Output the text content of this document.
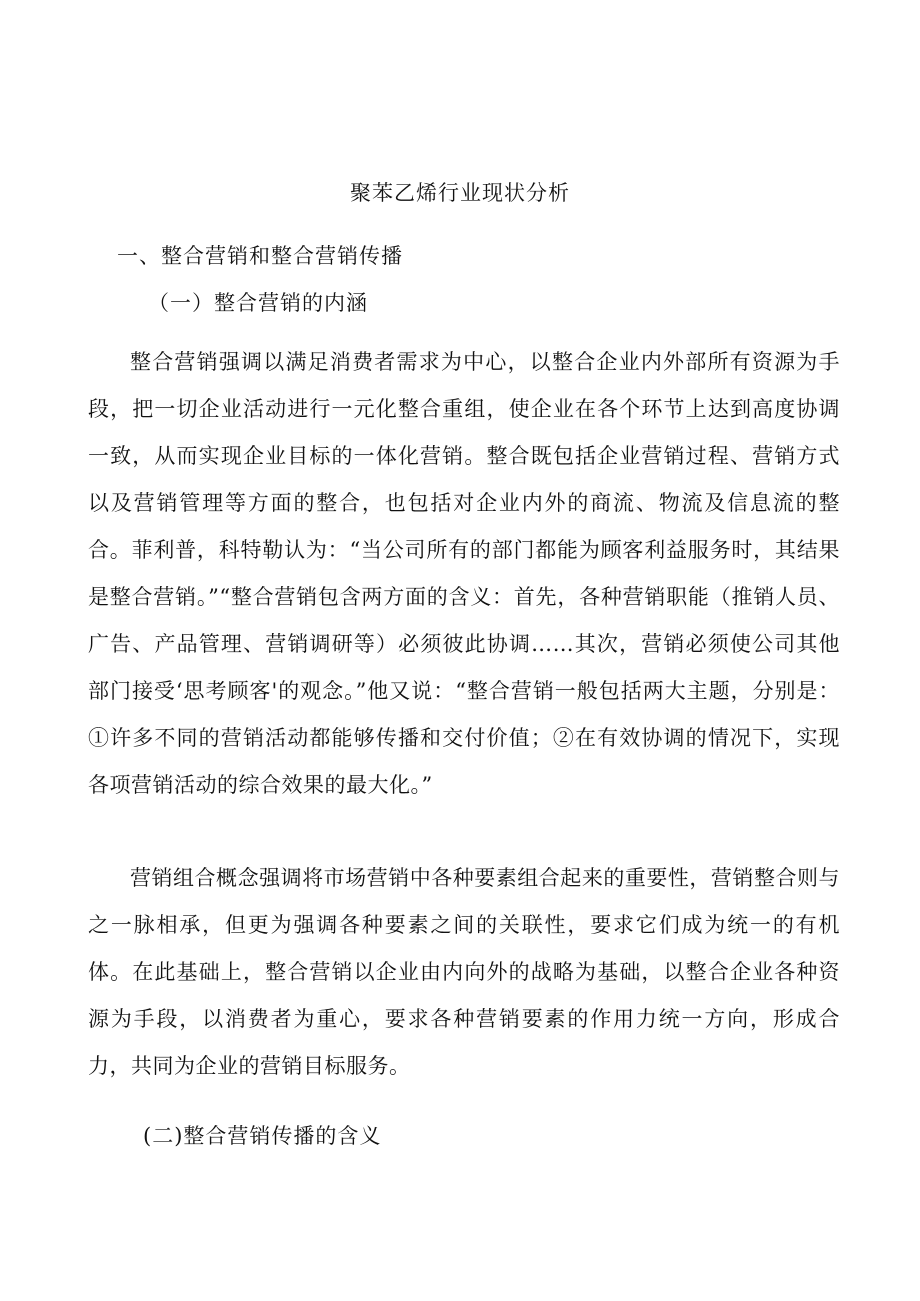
聚苯乙烯行业现状分析
一、整合营销和整合营销传播
（一）整合营销的内涵

整合营销强调以满足消费者需求为中心，以整合企业内外部所有资源为手段，把一切企业活动进行一元化整合重组，使企业在各个环节上达到高度协调一致，从而实现企业目标的一体化营销。整合既包括企业营销过程、营销方式以及营销管理等方面的整合，也包括对企业内外的商流、物流及信息流的整合。菲利普，科特勒认为：“当公司所有的部门都能为顾客利益服务时，其结果是整合营销。”“整合营销包含两方面的含义：首先，各种营销职能（推销人员、广告、产品管理、营销调研等）必须彼此协调……其次，营销必须使公司其他部门接受‘思考顾客'的观念。”他又说：“整合营销一般包括两大主题，分别是：①许多不同的营销活动都能够传播和交付价值；②在有效协调的情况下，实现各项营销活动的综合效果的最大化。”

营销组合概念强调将市场营销中各种要素组合起来的重要性，营销整合则与之一脉相承，但更为强调各种要素之间的关联性，要求它们成为统一的有机体。在此基础上，整合营销以企业由内向外的战略为基础，以整合企业各种资源为手段，以消费者为重心，要求各种营销要素的作用力统一方向，形成合力，共同为企业的营销目标服务。

(二)整合营销传播的含义
